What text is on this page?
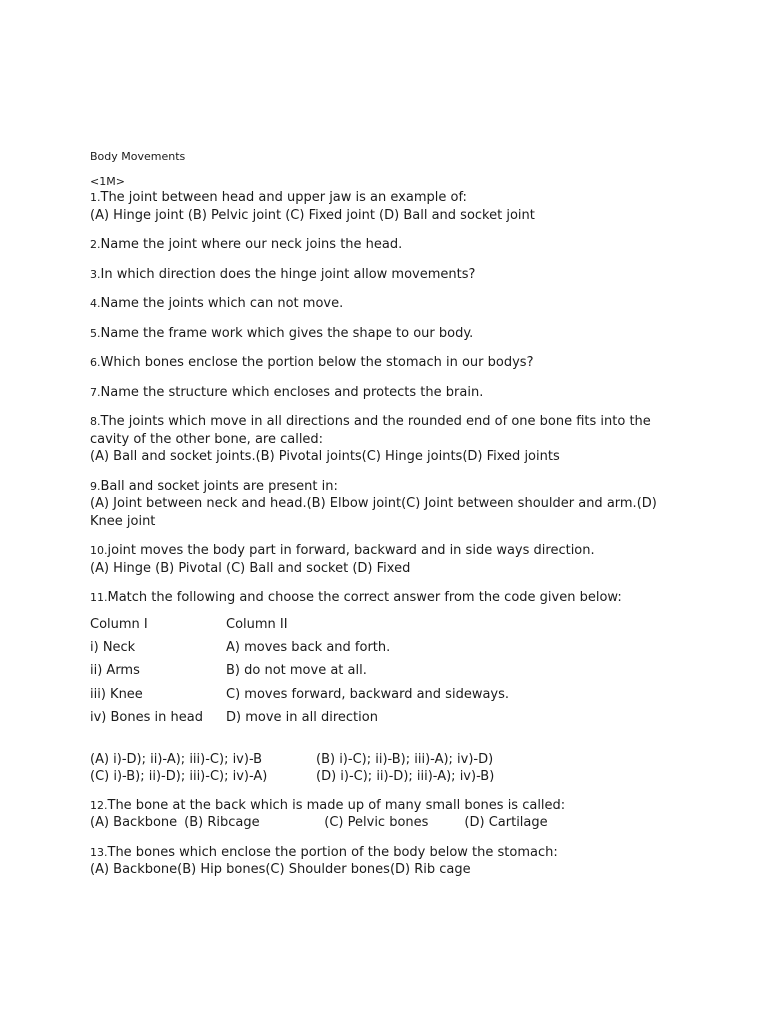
Body Movements
<1M>

1.The joint between head and upper jaw is an example of:

(A) Hinge joint (B) Pelvic joint (C) Fixed joint (D) Ball and socket joint

2.Name the joint where our neck joins the head.

3.In which direction does the hinge joint allow movements?

4.Name the joints which can not move.

5.Name the frame work which gives the shape to our body.

6.Which bones enclose the portion below the stomach in our bodys?

7.Name the structure which encloses and protects the brain.

8.The joints which move in all directions and the rounded end of one bone fits into the cavity of the other bone, are called:

(A) Ball and socket joints.(B) Pivotal joints(C) Hinge joints(D) Fixed joints

9.Ball and socket joints are present in:

(A) Joint between neck and head.(B) Elbow joint(C) Joint between shoulder and arm.(D) Knee joint

10.joint moves the body part in forward, backward and in side ways direction.

(A) Hinge (B) Pivotal (C) Ball and socket (D) Fixed

11.Match the following and choose the correct answer from the code given below:

Column I	Column II
i) Neck	A) moves back and forth.
ii) Arms	B) do not move at all.
iii) Knee	C) moves forward, backward and sideways.
iv) Bones in head	D) move in all direction
(A) i)-D); ii)-A); iii)-C); iv)-B	(B) i)-C); ii)-B); iii)-A); iv)-D)
(C) i)-B); ii)-D); iii)-C); iv)-A)	(D) i)-C); ii)-D); iii)-A); iv)-B)

12.The bone at the back which is made up of many small bones is called:

(A) Backbone (B) Ribcage	(C) Pelvic bones	(D) Cartilage

13.The bones which enclose the portion of the body below the stomach:

(A) Backbone(B) Hip bones(C) Shoulder bones(D) Rib cage
